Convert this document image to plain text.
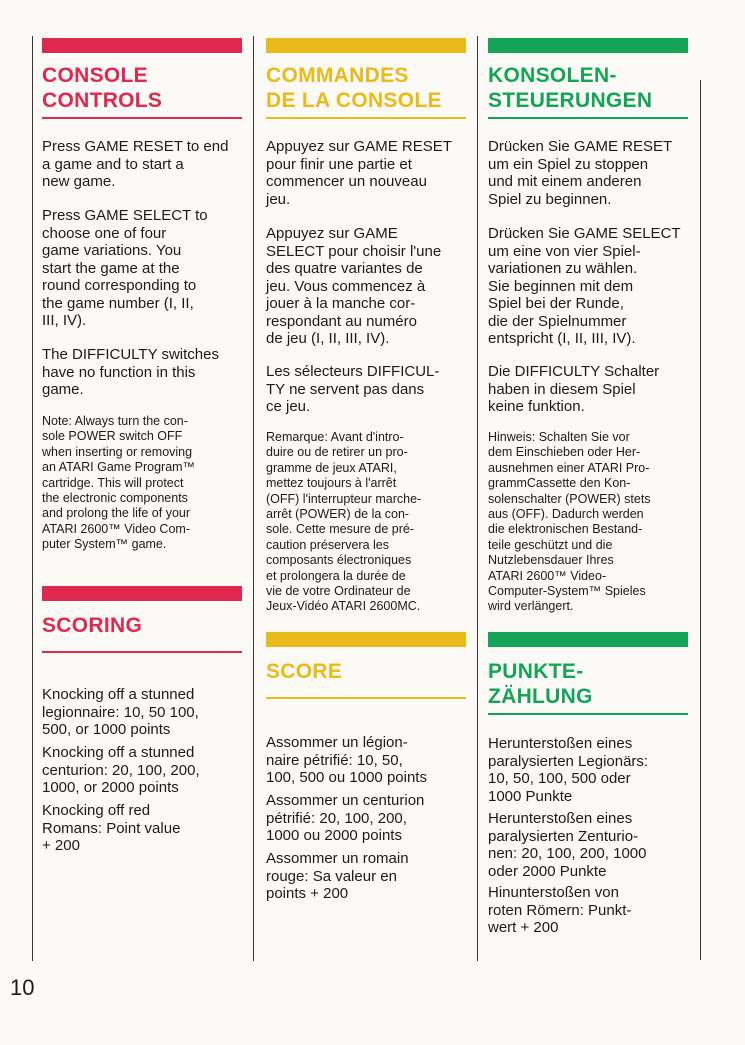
CONSOLE
CONTROLS

Press GAME RESET to end
a game and to start a
new game.

Press GAME SELECT to
choose one of four
game variations. You
start the game at the
round corresponding to
the game number (I, II,
III, IV).

The DIFFICULTY switches
have no function in this
game.

Note: Always turn the con-
sole POWER switch OFF
when inserting or removing
an ATARI Game Program™
cartridge. This will protect
the electronic components
and prolong the life of your
ATARI 2600™ Video Com-
puter System™ game.

SCORING

Knocking off a stunned
legionnaire: 10, 50 100,
500, or 1000 points

Knocking off a stunned
centurion: 20, 100, 200,
1000, or 2000 points

Knocking off red
Romans: Point value
+ 200

COMMANDES
DE LA CONSOLE

Appuyez sur GAME RESET
pour finir une partie et
commencer un nouveau
jeu.

Appuyez sur GAME
SELECT pour choisir l'une
des quatre variantes de
jeu. Vous commencez à
jouer à la manche cor-
respondant au numéro
de jeu (I, II, III, IV).

Les sélecteurs DIFFICUL-
TY ne servent pas dans
ce jeu.

Remarque: Avant d'intro-
duire ou de retirer un pro-
gramme de jeux ATARI,
mettez toujours à l'arrêt
(OFF) l'interrupteur marche-
arrêt (POWER) de la con-
sole. Cette mesure de pré-
caution préservera les
composants électroniques
et prolongera la durée de
vie de votre Ordinateur de
Jeux-Vidéo ATARI 2600MC.

SCORE

Assommer un légion-
naire pétrifié: 10, 50,
100, 500 ou 1000 points

Assommer un centurion
pétrifié: 20, 100, 200,
1000 ou 2000 points

Assommer un romain
rouge: Sa valeur en
points + 200

KONSOLEN-
STEUERUNGEN

Drücken Sie GAME RESET
um ein Spiel zu stoppen
und mit einem anderen
Spiel zu beginnen.

Drücken Sie GAME SELECT
um eine von vier Spiel-
variationen zu wählen.
Sie beginnen mit dem
Spiel bei der Runde,
die der Spielnummer
entspricht (I, II, III, IV).

Die DIFFICULTY Schalter
haben in diesem Spiel
keine funktion.

Hinweis: Schalten Sie vor
dem Einschieben oder Her-
ausnehmen einer ATARI Pro-
grammCassette den Kon-
solenschalter (POWER) stets
aus (OFF). Dadurch werden
die elektronischen Bestand-
teile geschützt und die
Nutzlebensdauer Ihres
ATARI 2600™ Video-
Computer-System™ Spieles
wird verlängert.

PUNKTE-
ZÄHLUNG

Herunterstoßen eines
paralysierten Legionärs:
10, 50, 100, 500 oder
1000 Punkte

Herunterstoßen eines
paralysierten Zenturio-
nen: 20, 100, 200, 1000
oder 2000 Punkte

Hinunterstoßen von
roten Römern: Punkt-
wert + 200

10
